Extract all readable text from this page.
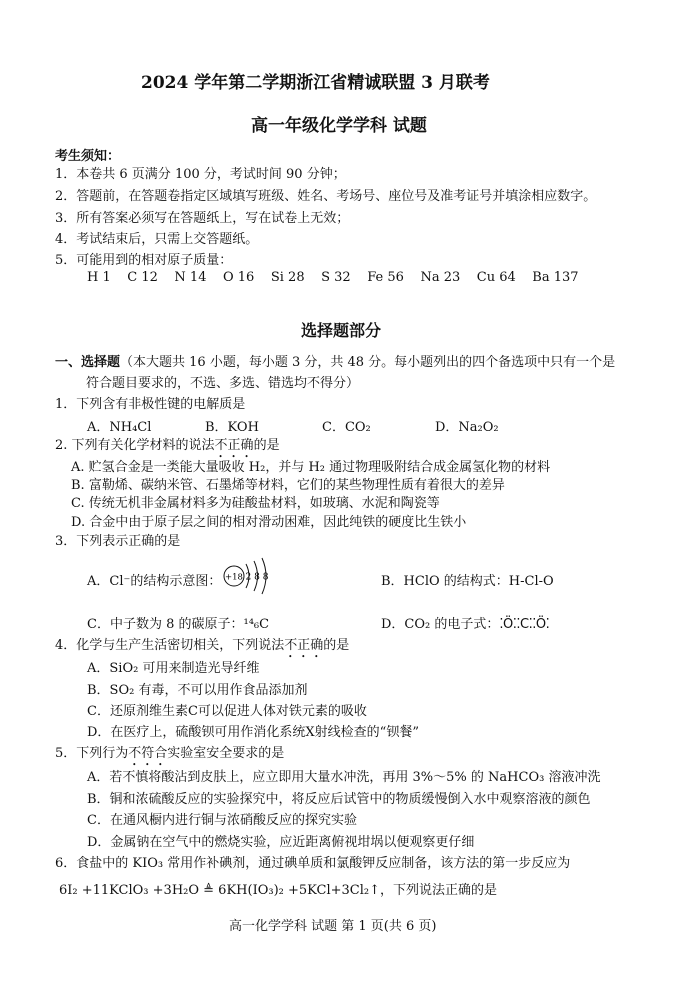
2024 学年第二学期浙江省精诚联盟 3 月联考
高一年级化学学科 试题
考生须知：
1．本卷共 6 页满分 100 分，考试时间 90 分钟；
2．答题前，在答题卷指定区域填写班级、姓名、考场号、座位号及准考证号并填涂相应数字。
3．所有答案必须写在答题纸上，写在试卷上无效；
4．考试结束后，只需上交答题纸。
5．可能用到的相对原子质量：
H 1    C 12    N 14    O 16    Si 28    S 32    Fe 56    Na 23    Cu 64    Ba 137
选择题部分
一、选择题（本大题共 16 小题，每小题 3 分，共 48 分。每小题列出的四个备选项中只有一个是
符合题目要求的，不选、多选、错选均不得分）
1．下列含有非极性键的电解质是
A．NH₄Cl	B．KOH	C．CO₂	D．Na₂O₂
2. 下列有关化学材料的说法不正确的是
A. 贮氢合金是一类能大量吸收 H₂，并与 H₂ 通过物理吸附结合成金属氢化物的材料
B. 富勒烯、碳纳米管、石墨烯等材料，它们的某些物理性质有着很大的差异
C. 传统无机非金属材料多为硅酸盐材料，如玻璃、水泥和陶瓷等
D. 合金中由于原子层之间的相对滑动困难，因此纯铁的硬度比生铁小
3．下列表示正确的是
A．Cl⁻的结构示意图： +18 2 8 8	B．HClO 的结构式：H-Cl-O
C．中子数为 8 的碳原子：¹⁴₆C	D．CO₂ 的电子式：⁚Ö⁚⁚C⁚⁚Ö⁚
4．化学与生产生活密切相关，下列说法不正确的是
A．SiO₂ 可用来制造光导纤维
B．SO₂ 有毒，不可以用作食品添加剂
C．还原剂维生素C可以促进人体对铁元素的吸收
D．在医疗上，硫酸钡可用作消化系统X射线检查的“钡餐”
5．下列行为不符合实验室安全要求的是
A．若不慎将酸沾到皮肤上，应立即用大量水冲洗，再用 3%～5% 的 NaHCO₃ 溶液冲洗
B．铜和浓硫酸反应的实验探究中，将反应后试管中的物质缓慢倒入水中观察溶液的颜色
C．在通风橱内进行铜与浓硝酸反应的探究实验
D．金属钠在空气中的燃烧实验，应近距离俯视坩埚以便观察更仔细
6．食盐中的 KIO₃ 常用作补碘剂，通过碘单质和氯酸钾反应制备，该方法的第一步反应为
6I₂ +11KClO₃ +3H₂O ≜ 6KH(IO₃)₂ +5KCl+3Cl₂↑，下列说法正确的是
高一化学学科 试题 第 1 页(共 6 页)
